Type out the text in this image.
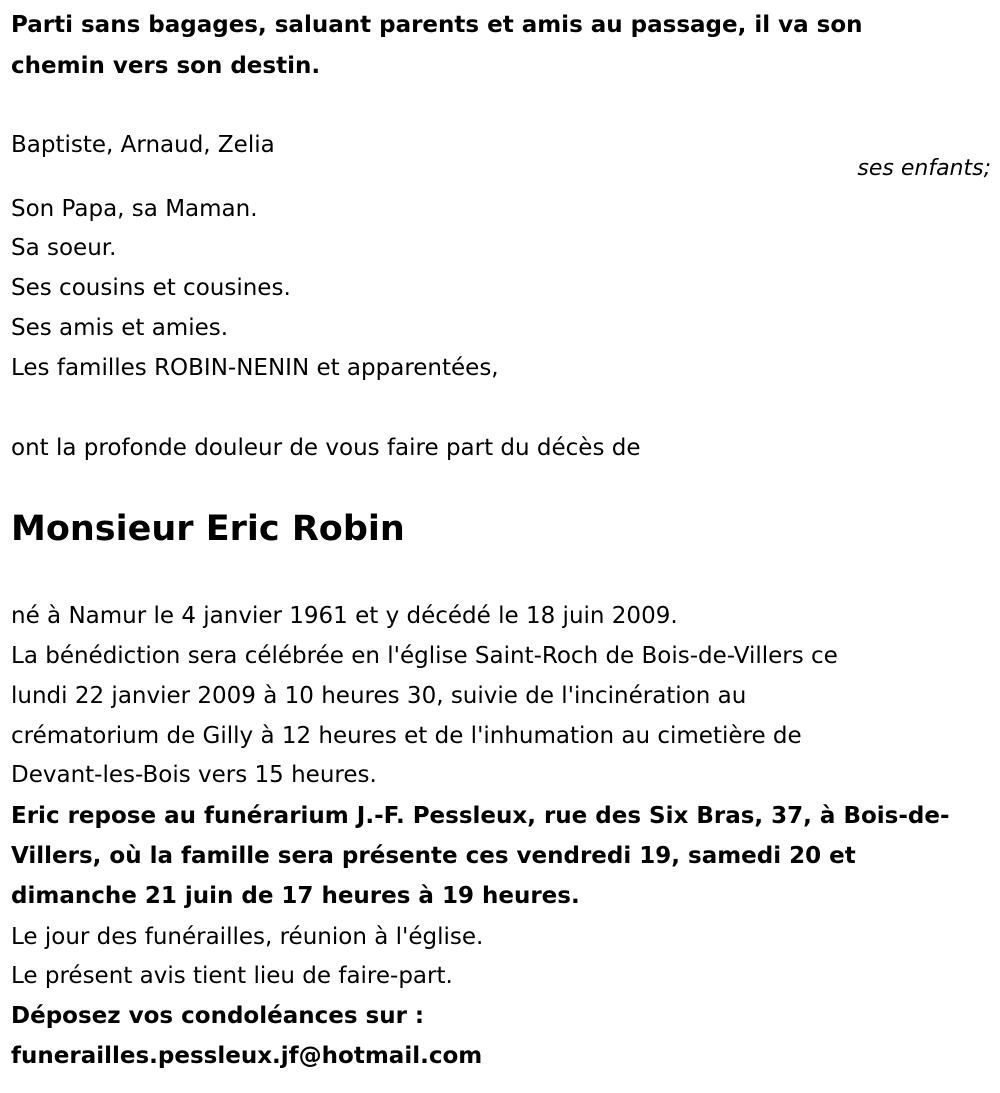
Parti sans bagages, saluant parents et amis au passage, il va son
chemin vers son destin.
Baptiste, Arnaud, Zelia
ses enfants;
Son Papa, sa Maman.
Sa soeur.
Ses cousins et cousines.
Ses amis et amies.
Les familles ROBIN-NENIN et apparentées,
ont la profonde douleur de vous faire part du décès de
Monsieur Eric Robin
né à Namur le 4 janvier 1961 et y décédé le 18 juin 2009.
La bénédiction sera célébrée en l'église Saint-Roch de Bois-de-Villers ce
lundi 22 janvier 2009 à 10 heures 30, suivie de l'incinération au
crématorium de Gilly à 12 heures et de l'inhumation au cimetière de
Devant-les-Bois vers 15 heures.
Eric repose au funérarium J.-F. Pessleux, rue des Six Bras, 37, à Bois-de-
Villers, où la famille sera présente ces vendredi 19, samedi 20 et
dimanche 21 juin de 17 heures à 19 heures.
Le jour des funérailles, réunion à l'église.
Le présent avis tient lieu de faire-part.
Déposez vos condoléances sur :
funerailles.pessleux.jf@hotmail.com
